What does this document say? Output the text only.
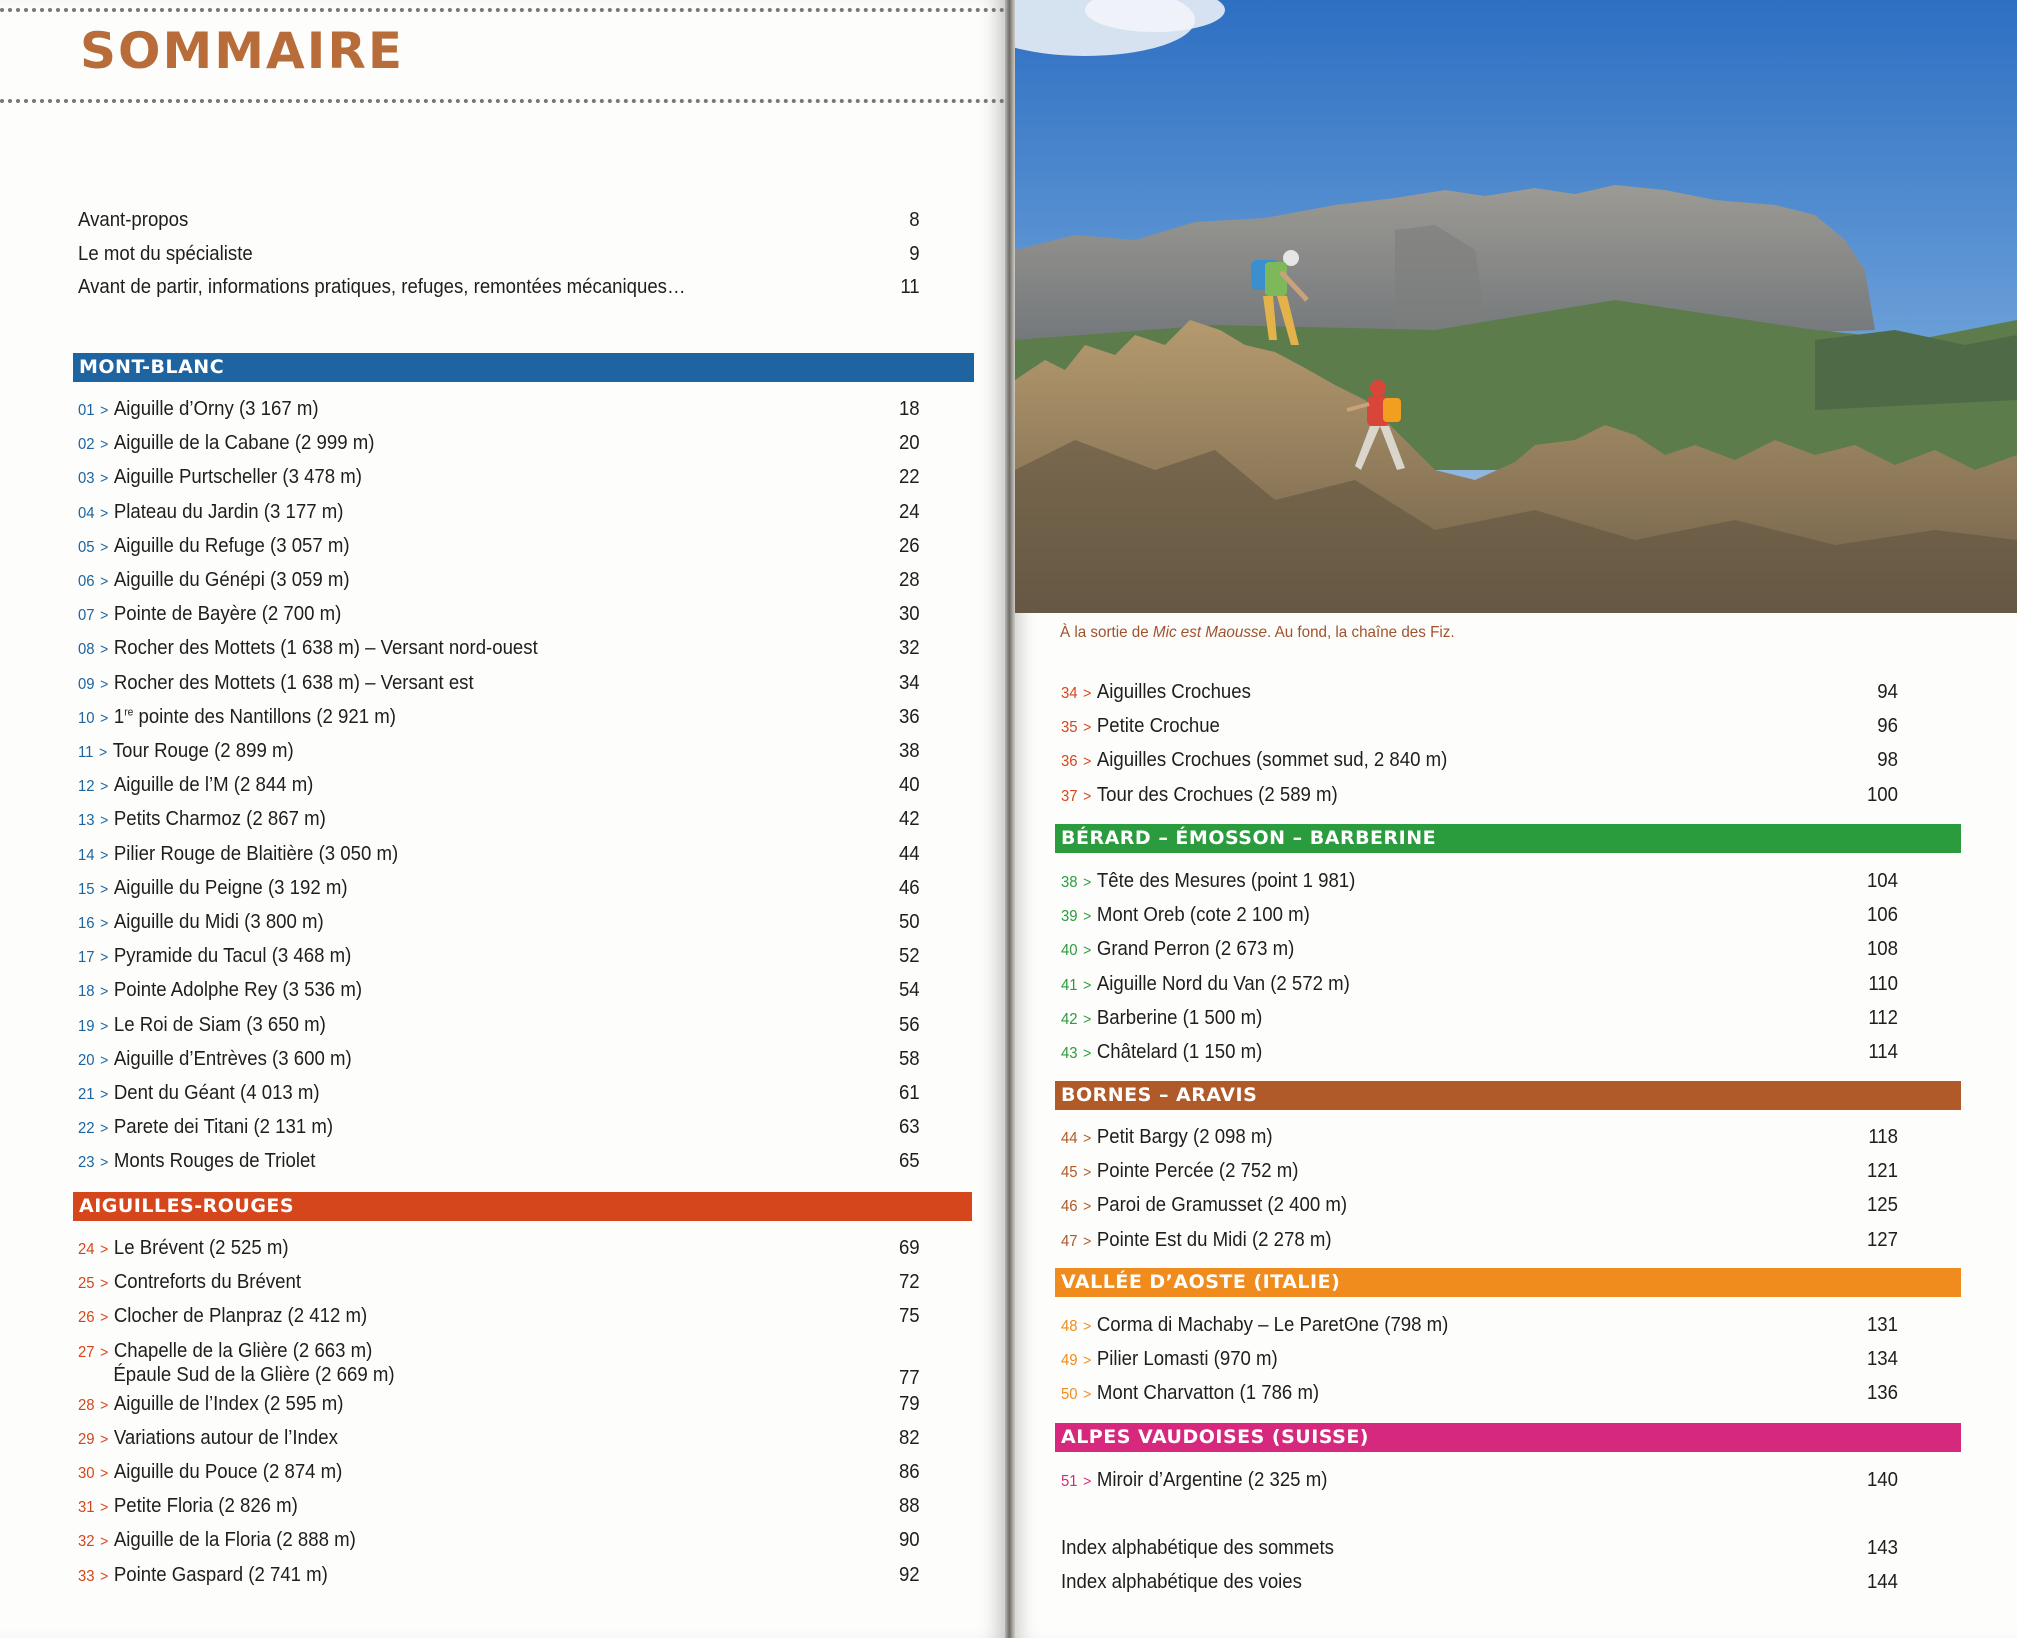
SOMMAIRE
À la sortie de Mic est Maousse. Au fond, la chaîne des Fiz.
MONT-BLANC
AIGUILLES-ROUGES
BÉRARD – ÉMOSSON – BARBERINE
BORNES – ARAVIS
VALLÉE D’AOSTE (ITALIE)
ALPES VAUDOISES (SUISSE)
Avant-propos	8
Le mot du spécialiste	9
Avant de partir, informations pratiques, refuges, remontées mécaniques…	11
01 > Aiguille d’Orny (3 167 m)	18
02 > Aiguille de la Cabane (2 999 m)	20
03 > Aiguille Purtscheller (3 478 m)	22
04 > Plateau du Jardin (3 177 m)	24
05 > Aiguille du Refuge (3 057 m)	26
06 > Aiguille du Génépi (3 059 m)	28
07 > Pointe de Bayère (2 700 m)	30
08 > Rocher des Mottets (1 638 m) – Versant nord-ouest	32
09 > Rocher des Mottets (1 638 m) – Versant est	34
10 > 1re pointe des Nantillons (2 921 m)	36
11 > Tour Rouge (2 899 m)	38
12 > Aiguille de l’M (2 844 m)	40
13 > Petits Charmoz (2 867 m)	42
14 > Pilier Rouge de Blaitière (3 050 m)	44
15 > Aiguille du Peigne (3 192 m)	46
16 > Aiguille du Midi (3 800 m)	50
17 > Pyramide du Tacul (3 468 m)	52
18 > Pointe Adolphe Rey (3 536 m)	54
19 > Le Roi de Siam (3 650 m)	56
20 > Aiguille d’Entrèves (3 600 m)	58
21 > Dent du Géant (4 013 m)	61
22 > Parete dei Titani (2 131 m)	63
23 > Monts Rouges de Triolet	65
24 > Le Brévent (2 525 m)	69
25 > Contreforts du Brévent	72
26 > Clocher de Planpraz (2 412 m)	75
27 > Chapelle de la Glière (2 663 m)
Épaule Sud de la Glière (2 669 m)	77
28 > Aiguille de l’Index (2 595 m)	79
29 > Variations autour de l’Index	82
30 > Aiguille du Pouce (2 874 m)	86
31 > Petite Floria (2 826 m)	88
32 > Aiguille de la Floria (2 888 m)	90
33 > Pointe Gaspard (2 741 m)	92
34 > Aiguilles Crochues	94
35 > Petite Crochue	96
36 > Aiguilles Crochues (sommet sud, 2 840 m)	98
37 > Tour des Crochues (2 589 m)	100
38 > Tête des Mesures (point 1 981)	104
39 > Mont Oreb (cote 2 100 m)	106
40 > Grand Perron (2 673 m)	108
41 > Aiguille Nord du Van (2 572 m)	110
42 > Barberine (1 500 m)	112
43 > Châtelard (1 150 m)	114
44 > Petit Bargy (2 098 m)	118
45 > Pointe Percée (2 752 m)	121
46 > Paroi de Gramusset (2 400 m)	125
47 > Pointe Est du Midi (2 278 m)	127
48 > Corma di Machaby – Le Paretʘne (798 m)	131
49 > Pilier Lomasti (970 m)	134
50 > Mont Charvatton (1 786 m)	136
51 > Miroir d’Argentine (2 325 m)	140
Index alphabétique des sommets	143
Index alphabétique des voies	144
